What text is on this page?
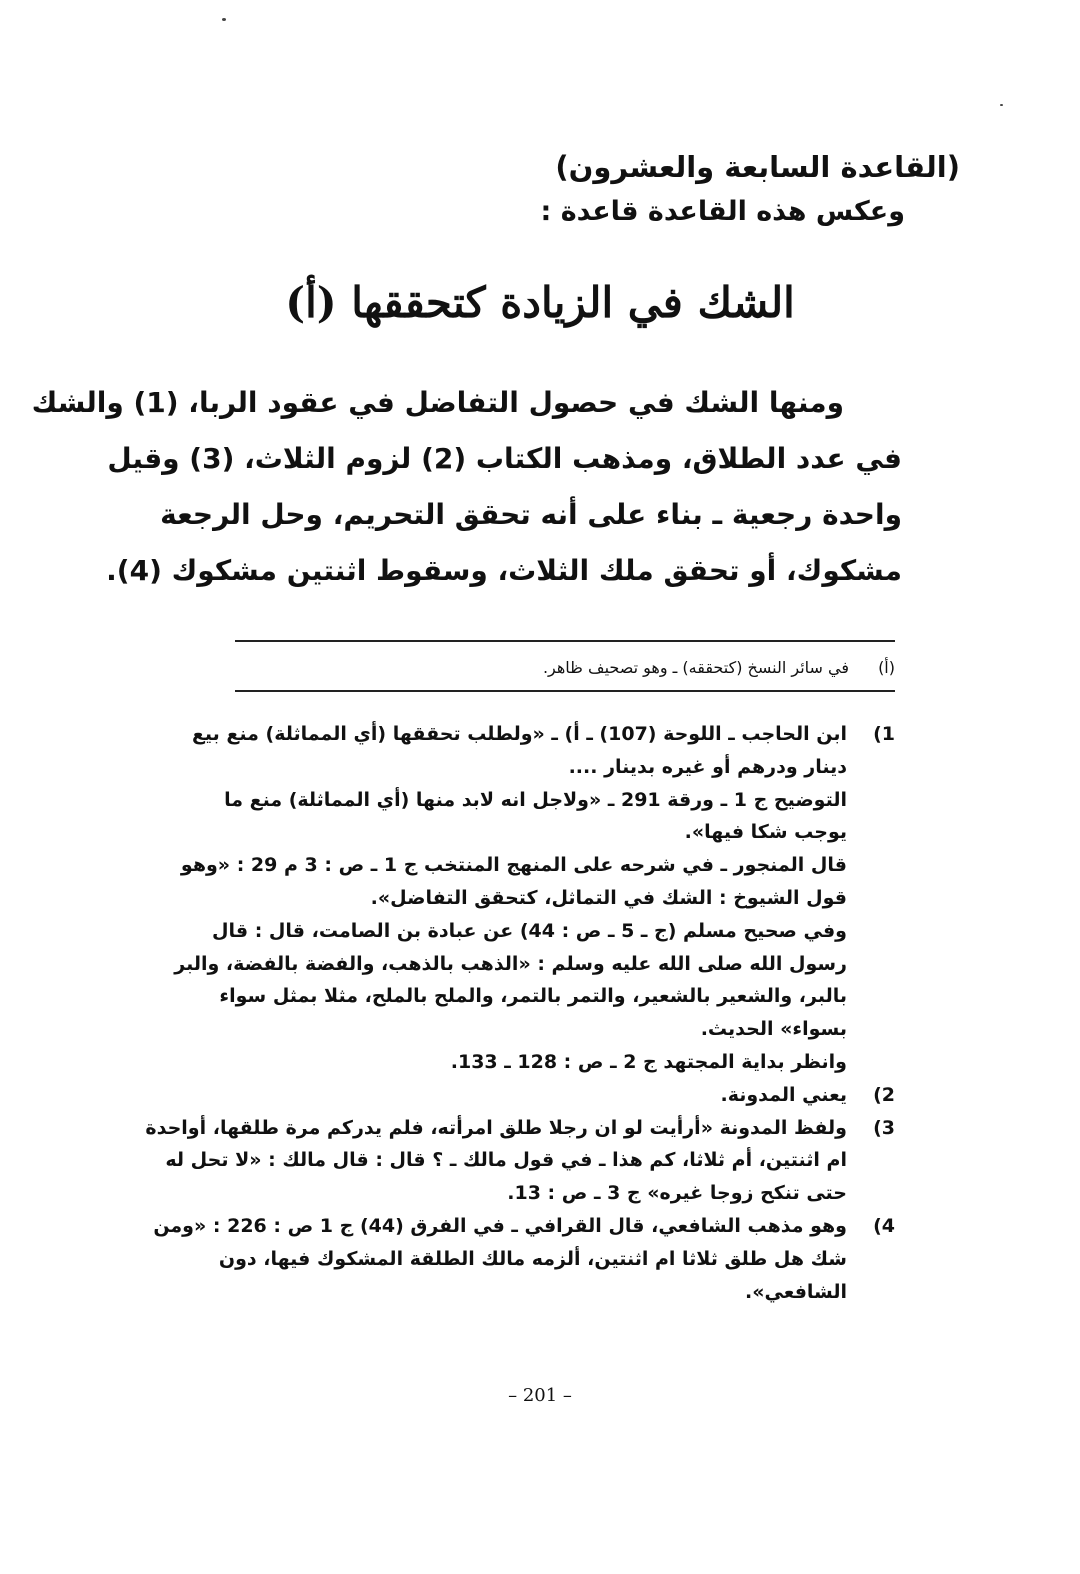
(القاعدة السابعة والعشرون)
وعكس هذه القاعدة قاعدة :
الشك في الزيادة كتحققها (أ)
ومنها الشك في حصول التفاضل في عقود الربا، (1) والشك
في عدد الطلاق، ومذهب الكتاب (2) لزوم الثلاث، (3) وقيل
واحدة رجعية ـ بناء على أنه تحقق التحريم، وحل الرجعة
مشكوك، أو تحقق ملك الثلاث، وسقوط اثنتين مشكوك (4).
(أ)في سائر النسخ (كتحققه) ـ وهو تصحيف ظاهر.
1)
ابن الحاجب ـ اللوحة (107) ـ أ) ـ «ولطلب تحققها (أي المماثلة) منع بيع
دينار ودرهم أو غيره بدينار ....
التوضيح ج 1 ـ ورقة 291 ـ «ولاجل انه لابد منها (أي المماثلة) منع ما
يوجب شكا فيها».
قال المنجور ـ في شرحه على المنهج المنتخب ج 1 ـ ص : 3 م 29 : «وهو
قول الشيوخ : الشك في التماثل، كتحقق التفاضل».
وفي صحيح مسلم (ج ـ 5 ـ ص : 44) عن عبادة بن الصامت، قال : قال
رسول الله صلى الله عليه وسلم : «الذهب بالذهب، والفضة بالفضة، والبر
بالبر، والشعير بالشعير، والتمر بالتمر، والملح بالملح، مثلا بمثل سواء
بسواء» الحديث.
وانظر بداية المجتهد ج 2 ـ ص : 128 ـ 133.
2)
يعني المدونة.
3)
ولفظ المدونة «أرأيت لو ان رجلا طلق امرأته، فلم يدركم مرة طلقها، أواحدة
ام اثنتين، أم ثلاثا، كم هذا ـ في قول مالك ـ ؟ قال : قال مالك : «لا تحل له
حتى تنكح زوجا غيره» ج 3 ـ ص : 13.
4)
وهو مذهب الشافعي، قال القرافي ـ في الفرق (44) ج 1 ص : 226 : «ومن
شك هل طلق ثلاثا ام اثنتين، ألزمه مالك الطلقة المشكوك فيها، دون
الشافعي».
– 201 –
